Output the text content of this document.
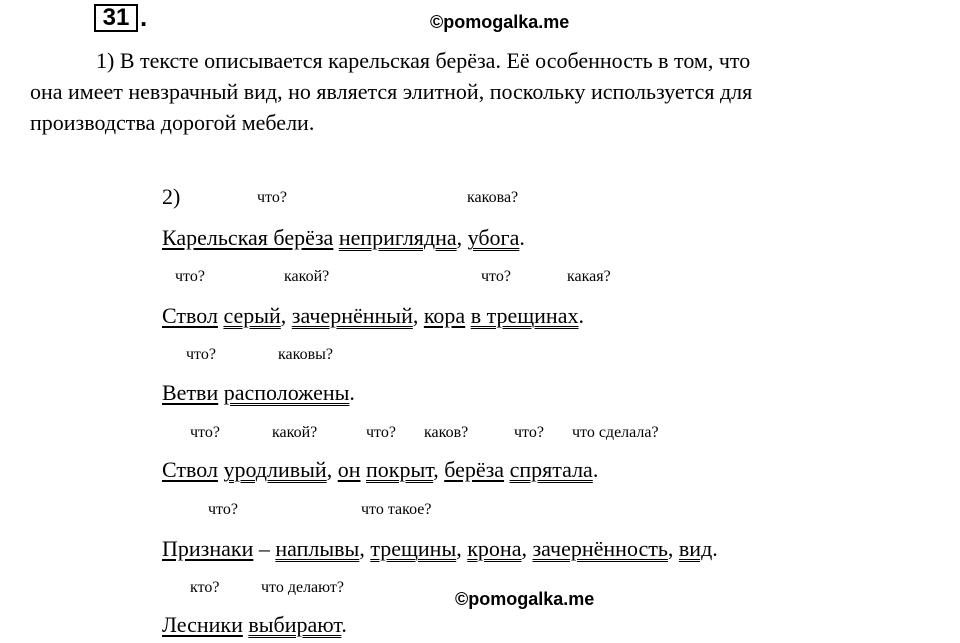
31 .	©pomogalka.me
1) В тексте описывается карельская берёза. Её особенность в том, что
она имеет невзрачный вид, но является элитной, поскольку используется для
производства дорогой мебели.
2)	что?	какова?
Карельская берёза неприглядна, убога.
что?	какой?	что?	какая?
Ствол серый, зачернённый, кора в трещинах.
что?	каковы?
Ветви расположены.
что?	какой?	что? каков?	что? что сделала?
Ствол уродливый, он покрыт, берёза спрятала.
что?	что такое?
Признаки – наплывы, трещины, крона, зачернённость, вид.
кто?	что делают?
©pomogalka.me
Лесники выбирают.
